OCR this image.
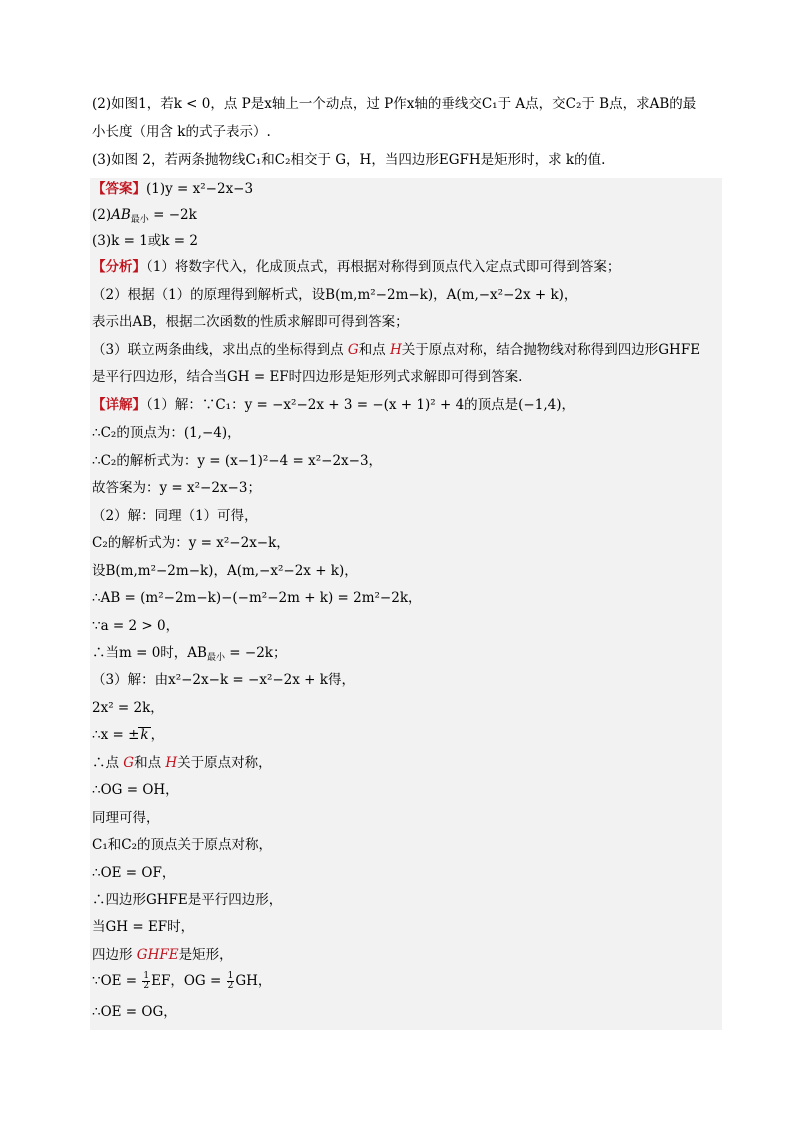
(2)如图1，若k < 0，点 P是x轴上一个动点，过 P作x轴的垂线交C₁于 A点，交C₂于 B点，求AB的最
小长度（用含 k的式子表示）.
(3)如图 2，若两条抛物线C₁和C₂相交于 G，H，当四边形EGFH是矩形时，求 k的值.
【答案】(1)y = x²−2x−3
$(2)AB_{最小} = -2k$
(3)k = 1或k = 2
【分析】（1）将数字代入，化成顶点式，再根据对称得到顶点代入定点式即可得到答案；
（2）根据（1）的原理得到解析式，设B(m,m²−2m−k)，A(m,−x²−2x + k)，
表示出AB，根据二次函数的性质求解即可得到答案；
（3）联立两条曲线，求出点的坐标得到点 G和点 H关于原点对称，结合抛物线对称得到四边形GHFE
是平行四边形，结合当GH = EF时四边形是矩形列式求解即可得到答案.
【详解】（1）解：∵C₁：y = −x²−2x + 3 = −(x + 1)² + 4的顶点是(−1,4)，
∴C₂的顶点为：(1,−4)，
∴C₂的解析式为：y = (x−1)²−4 = x²−2x−3，
故答案为：y = x²−2x−3；
（2）解：同理（1）可得，
C₂的解析式为：y = x²−2x−k，
设B(m,m²−2m−k)，A(m,−x²−2x + k)，
∴AB = (m²−2m−k)−(−m²−2m + k) = 2m²−2k，
∵a = 2 > 0，
∴当m = 0时，$AB_{最小} = -2k$；
（3）解：由x²−2x−k = −x²−2x + k得，
2x² = 2k，
∴x = ±k ，
∴点 G和点 H关于原点对称，
∴OG = OH，
同理可得，
C₁和C₂的顶点关于原点对称，
∴OE = OF，
∴四边形GHFE是平行四边形，
当GH = EF时，
四边形 GHFE是矩形，
∵OE = $\frac{1}{2}$ EF，OG = $\frac{1}{2}$ GH，
∴OE = OG，
